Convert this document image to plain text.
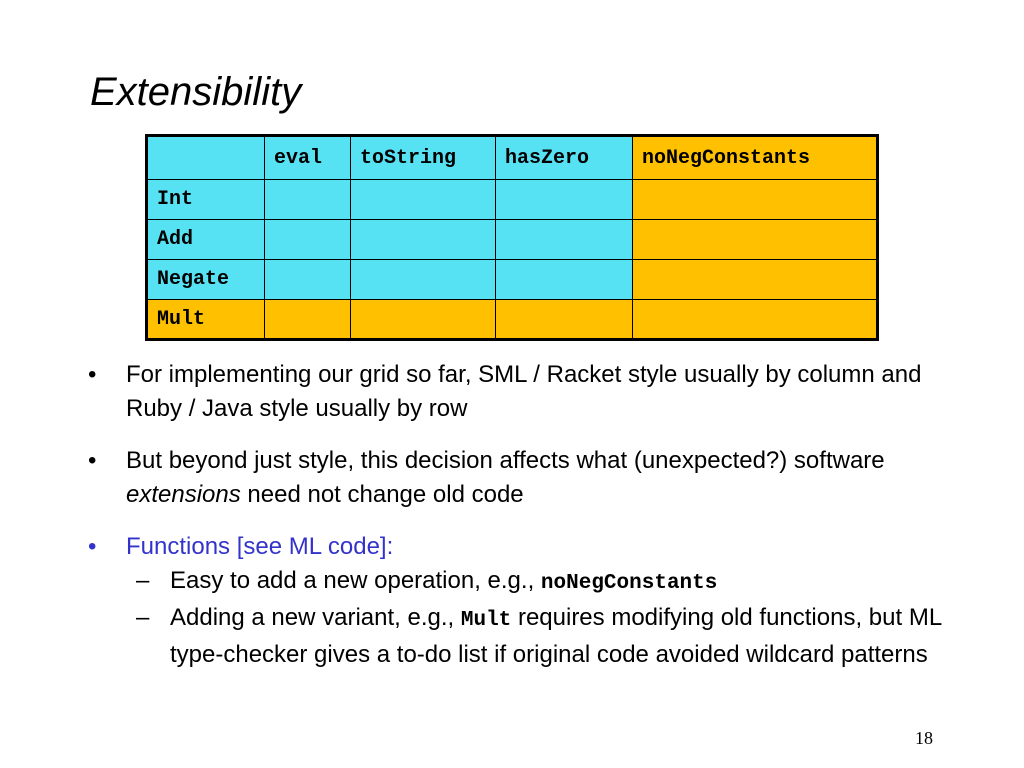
Extensibility
	eval	toString	hasZero	noNegConstants
Int				
Add				
Negate				
Mult				
•	For implementing our grid so far, SML / Racket style usually by column and Ruby / Java style usually by row
•	But beyond just style, this decision affects what (unexpected?) software extensions need not change old code
•	Functions [see ML code]:
– Easy to add a new operation, e.g., noNegConstants
– Adding a new variant, e.g., Mult requires modifying old functions, but ML type-checker gives a to-do list if original code avoided wildcard patterns
18
